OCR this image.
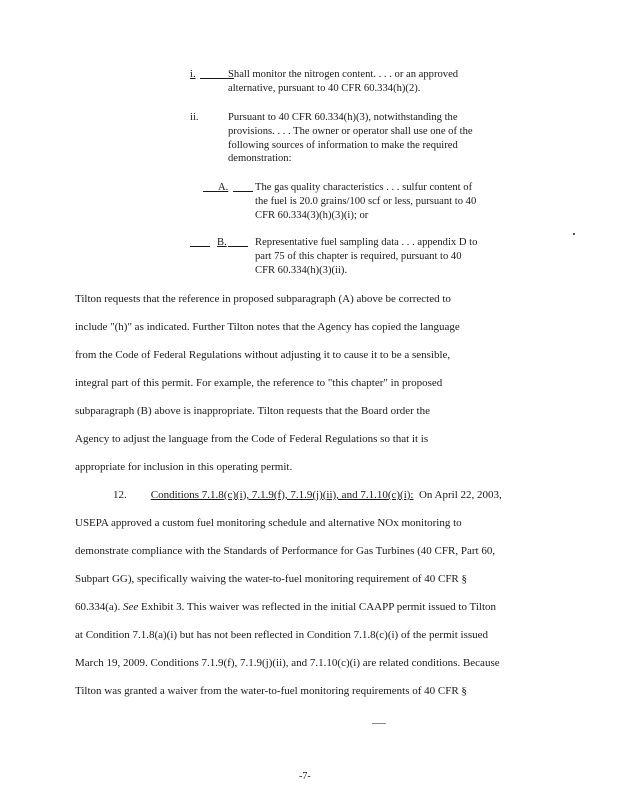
i.	Shall monitor the nitrogen content. . . . or an approved
alternative, pursuant to 40 CFR 60.334(h)(2).
ii.	Pursuant to 40 CFR 60.334(h)(3), notwithstanding the
provisions. . . . The owner or operator shall use one of the
following sources of information to make the required
demonstration:
A.	The gas quality characteristics . . . sulfur content of
the fuel is 20.0 grains/100 scf or less, pursuant to 40
CFR 60.334(3)(h)(3)(i); or
B.	Representative fuel sampling data . . . appendix D to
part 75 of this chapter is required, pursuant to 40
CFR 60.334(h)(3)(ii).
Tilton requests that the reference in proposed subparagraph (A) above be corrected to
include "(h)" as indicated. Further Tilton notes that the Agency has copied the language
from the Code of Federal Regulations without adjusting it to cause it to be a sensible,
integral part of this permit. For example, the reference to "this chapter" in proposed
subparagraph (B) above is inappropriate. Tilton requests that the Board order the
Agency to adjust the language from the Code of Federal Regulations so that it is
appropriate for inclusion in this operating permit.
12. Conditions 7.1.8(c)(i), 7.1.9(f), 7.1.9(j)(ii), and 7.1.10(c)(i): On April 22, 2003,
USEPA approved a custom fuel monitoring schedule and alternative NOx monitoring to
demonstrate compliance with the Standards of Performance for Gas Turbines (40 CFR, Part 60,
Subpart GG), specifically waiving the water-to-fuel monitoring requirement of 40 CFR §
60.334(a). See Exhibit 3. This waiver was reflected in the initial CAAPP permit issued to Tilton
at Condition 7.1.8(a)(i) but has not been reflected in Condition 7.1.8(c)(i) of the permit issued
March 19, 2009. Conditions 7.1.9(f), 7.1.9(j)(ii), and 7.1.10(c)(i) are related conditions. Because
Tilton was granted a waiver from the water-to-fuel monitoring requirements of 40 CFR §
-7-
